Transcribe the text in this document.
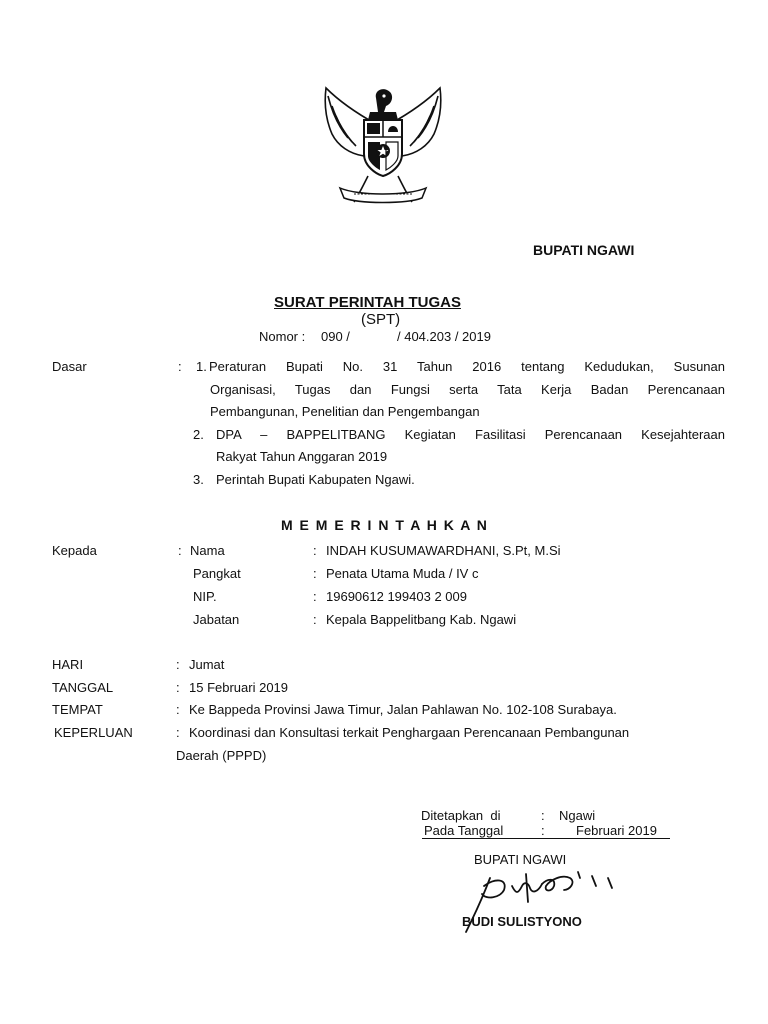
BUPATI NGAWI
SURAT PERINTAH TUGAS
(SPT)
Nomor : 090 /	/ 404.203 / 2019
Dasar	: 1. Peraturan Bupati No. 31 Tahun 2016 tentang Kedudukan, Susunan
Organisasi, Tugas dan Fungsi serta Tata Kerja Badan Perencanaan
Pembangunan, Penelitian dan Pengembangan
2. DPA – BAPPELITBANG Kegiatan Fasilitasi Perencanaan Kesejahteraan
Rakyat Tahun Anggaran 2019
3. Perintah Bupati Kabupaten Ngawi.
M E M E R I N T A H K A N
Kepada	: Nama	: INDAH KUSUMAWARDHANI, S.Pt, M.Si
Pangkat	: Penata Utama Muda / IV c
NIP.	: 19690612 199403 2 009
Jabatan	: Kepala Bappelitbang Kab. Ngawi
HARI	: Jumat
TANGGAL	: 15 Februari 2019
TEMPAT	: Ke Bappeda Provinsi Jawa Timur, Jalan Pahlawan No. 102-108 Surabaya.
KEPERLUAN	: Koordinasi dan Konsultasi terkait Penghargaan Perencanaan Pembangunan
Daerah (PPPD)
Ditetapkan  di	: Ngawi
Pada Tanggal	: Februari 2019
BUPATI NGAWI
BUDI SULISTYONO
